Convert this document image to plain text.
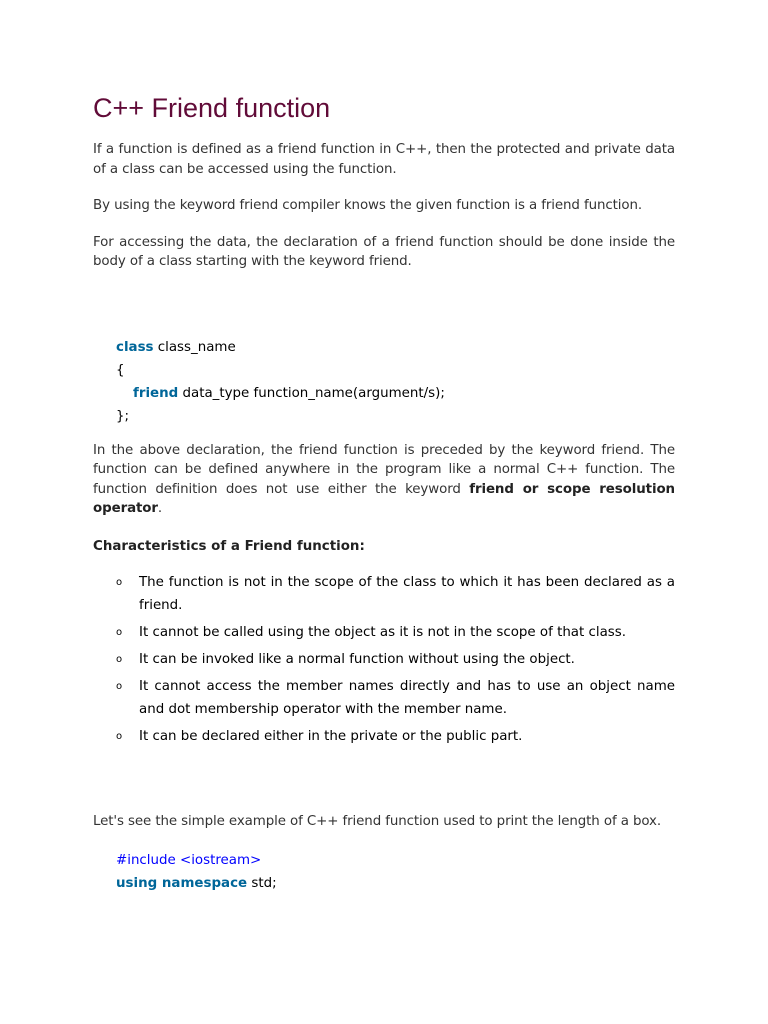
C++ Friend function

If a function is defined as a friend function in C++, then the protected and private data of a class can be accessed using the function.

By using the keyword friend compiler knows the given function is a friend function.

For accessing the data, the declaration of a friend function should be done inside the body of a class starting with the keyword friend.

class class_name
{
friend data_type function_name(argument/s);
};

In the above declaration, the friend function is preceded by the keyword friend. The function can be defined anywhere in the program like a normal C++ function. The function definition does not use either the keyword friend or scope resolution operator.

Characteristics of a Friend function:
o The function is not in the scope of the class to which it has been declared as a friend.
o It cannot be called using the object as it is not in the scope of that class.
o It can be invoked like a normal function without using the object.
o It cannot access the member names directly and has to use an object name and dot membership operator with the member name.
o It can be declared either in the private or the public part.

Let's see the simple example of C++ friend function used to print the length of a box.

#include <iostream>
using namespace std;
